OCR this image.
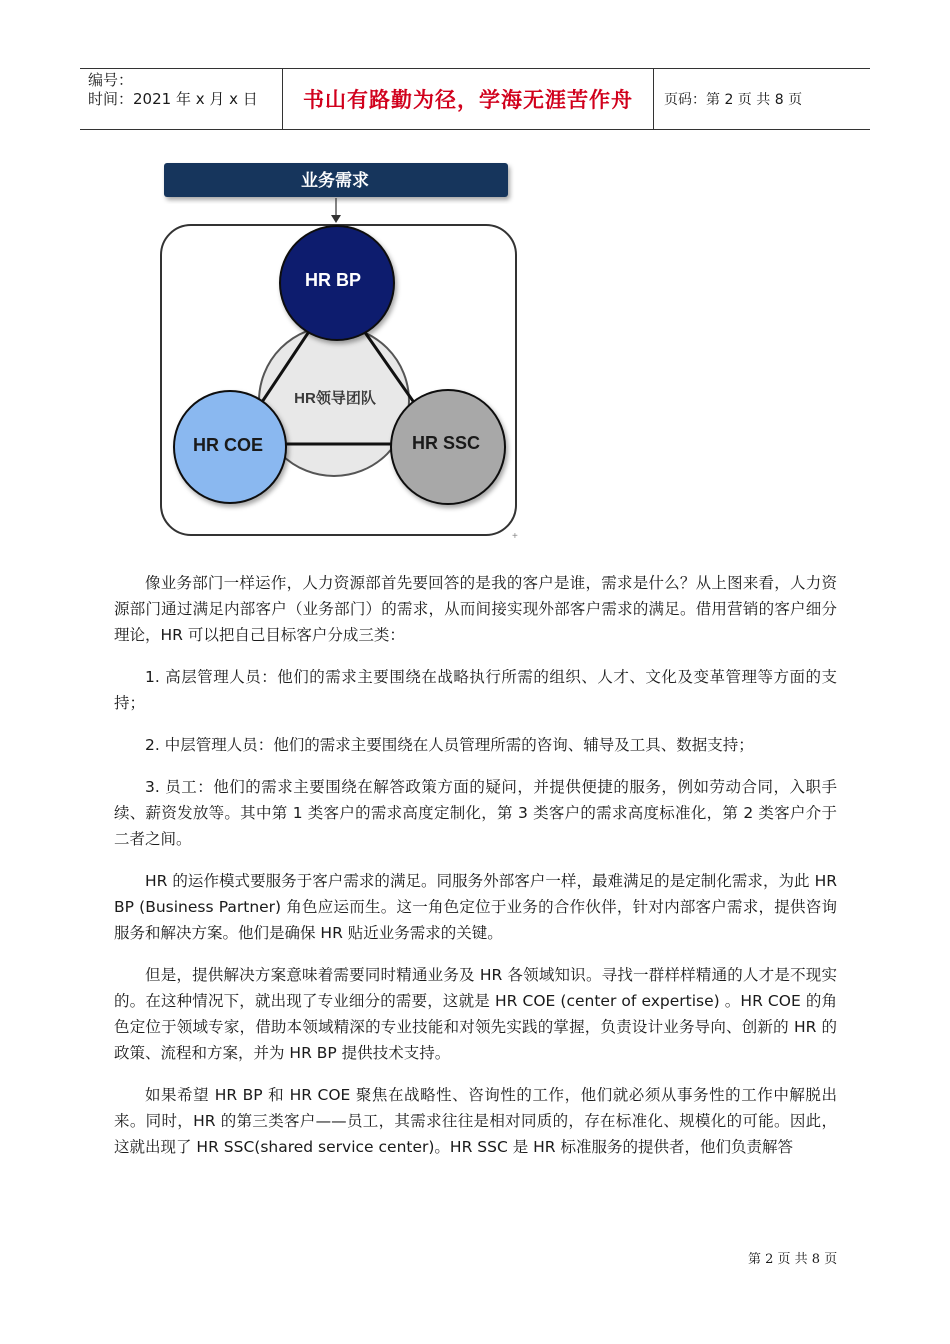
编号：
时间：2021 年 x 月 x 日	书山有路勤为径，学海无涯苦作舟	页码：第 2 页 共 8 页
+
业务需求
HR BP
HR领导团队
HR COE	HR SSC

像业务部门一样运作，人力资源部首先要回答的是我的客户是谁，需求是什么？从上图来看，人力资源部门通过满足内部客户（业务部门）的需求，从而间接实现外部客户需求的满足。借用营销的客户细分理论，HR 可以把自己目标客户分成三类：

1. 高层管理人员：他们的需求主要围绕在战略执行所需的组织、人才、文化及变革管理等方面的支持；

2. 中层管理人员：他们的需求主要围绕在人员管理所需的咨询、辅导及工具、数据支持；

3. 员工：他们的需求主要围绕在解答政策方面的疑问，并提供便捷的服务，例如劳动合同，入职手续、薪资发放等。其中第 1 类客户的需求高度定制化，第 3 类客户的需求高度标准化，第 2 类客户介于二者之间。

HR 的运作模式要服务于客户需求的满足。同服务外部客户一样，最难满足的是定制化需求，为此 HR BP (Business Partner) 角色应运而生。这一角色定位于业务的合作伙伴，针对内部客户需求，提供咨询服务和解决方案。他们是确保 HR 贴近业务需求的关键。

但是，提供解决方案意味着需要同时精通业务及 HR 各领域知识。寻找一群样样精通的人才是不现实的。在这种情况下，就出现了专业细分的需要，这就是 HR COE (center of expertise) 。HR COE 的角色定位于领域专家，借助本领域精深的专业技能和对领先实践的掌握，负责设计业务导向、创新的 HR 的政策、流程和方案，并为 HR BP 提供技术支持。

如果希望 HR BP 和 HR COE 聚焦在战略性、咨询性的工作，他们就必须从事务性的工作中解脱出来。同时，HR 的第三类客户——员工，其需求往往是相对同质的，存在标准化、规模化的可能。因此，这就出现了 HR SSC(shared service center)。HR SSC 是 HR 标准服务的提供者，他们负责解答

第 2 页 共 8 页
